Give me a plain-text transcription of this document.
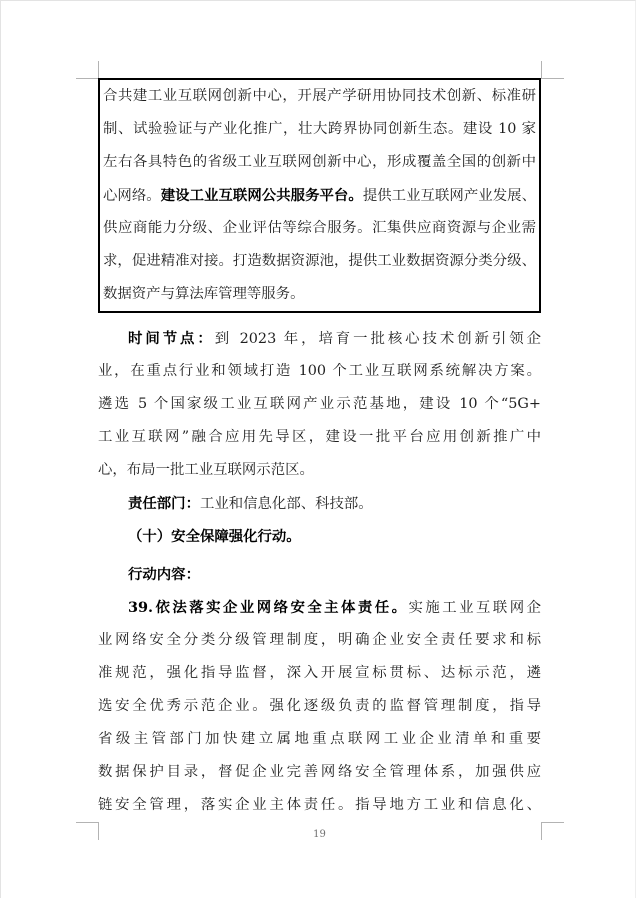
合共建工业互联网创新中心，开展产学研用协同技术创新、标准研
制、试验验证与产业化推广，壮大跨界协同创新生态。建设 10 家
左右各具特色的省级工业互联网创新中心，形成覆盖全国的创新中
心网络。建设工业互联网公共服务平台。提供工业互联网产业发展、
供应商能力分级、企业评估等综合服务。汇集供应商资源与企业需
求，促进精准对接。打造数据资源池，提供工业数据资源分类分级、
数据资产与算法库管理等服务。
时间节点：到 2023 年，培育一批核心技术创新引领企
业，在重点行业和领域打造 100 个工业互联网系统解决方案。
遴选 5 个国家级工业互联网产业示范基地，建设 10 个“5G+
工业互联网”融合应用先导区，建设一批平台应用创新推广中
心，布局一批工业互联网示范区。
责任部门：工业和信息化部、科技部。
（十）安全保障强化行动。
行动内容：
39.依法落实企业网络安全主体责任。实施工业互联网企
业网络安全分类分级管理制度，明确企业安全责任要求和标
准规范，强化指导监督，深入开展宣标贯标、达标示范，遴
选安全优秀示范企业。强化逐级负责的监督管理制度，指导
省级主管部门加快建立属地重点联网工业企业清单和重要
数据保护目录，督促企业完善网络安全管理体系，加强供应
链安全管理，落实企业主体责任。指导地方工业和信息化、
19
